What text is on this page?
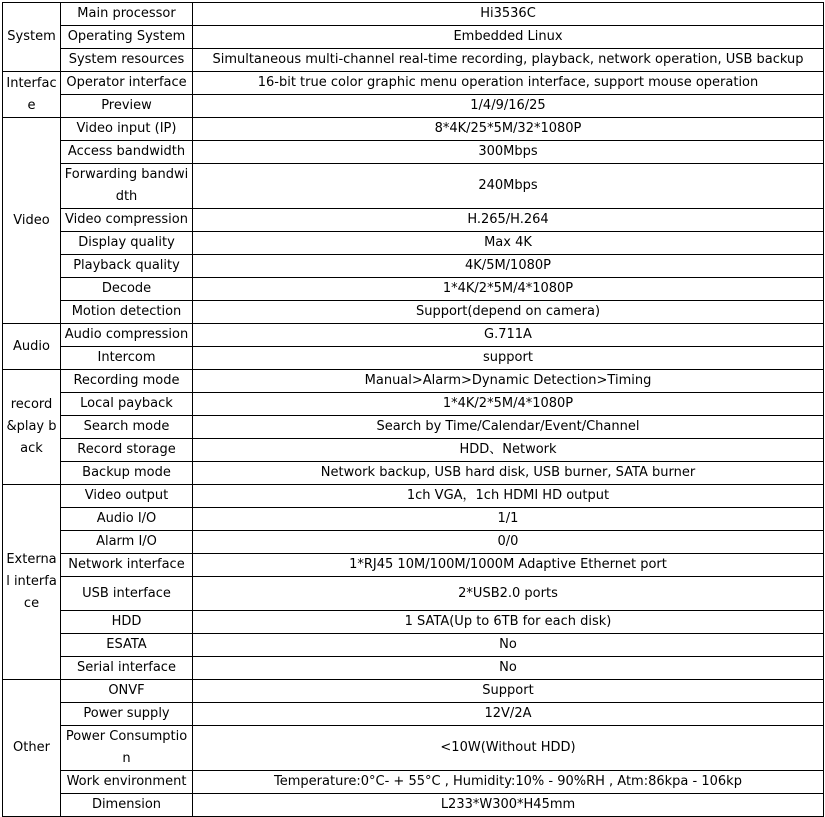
System	Main processor	Hi3536C
	Operating System	Embedded Linux
	System resources	Simultaneous multi-channel real-time recording, playback, network operation, USB backup
Interface	Operator interface	16-bit true color graphic menu operation interface, support mouse operation
	Preview	1/4/9/16/25
Video	Video input (IP)	8*4K/25*5M/32*1080P
	Access bandwidth	300Mbps
	Forwarding bandwidth	240Mbps
	Video compression	H.265/H.264
	Display quality	Max 4K
	Playback quality	4K/5M/1080P
	Decode	1*4K/2*5M/4*1080P
	Motion detection	Support(depend on camera)
Audio	Audio compression	G.711A
	Intercom	support
record &play back	Recording mode	Manual>Alarm>Dynamic Detection>Timing
	Local payback	1*4K/2*5M/4*1080P
	Search mode	Search by Time/Calendar/Event/Channel
	Record storage	HDD、Network
	Backup mode	Network backup, USB hard disk, USB burner, SATA burner
External interface	Video output	1ch VGA，1ch HDMI HD output
	Audio I/O	1/1
	Alarm I/O	0/0
	Network interface	1*RJ45 10M/100M/1000M Adaptive Ethernet port
	USB interface	2*USB2.0 ports
	HDD	1 SATA(Up to 6TB for each disk)
	ESATA	No
	Serial interface	No
Other	ONVF	Support
	Power supply	12V/2A
	Power Consumption	<10W(Without HDD)
	Work environment	Temperature:0°C- + 55°C , Humidity:10% - 90%RH , Atm:86kpa - 106kp
	Dimension	L233*W300*H45mm
